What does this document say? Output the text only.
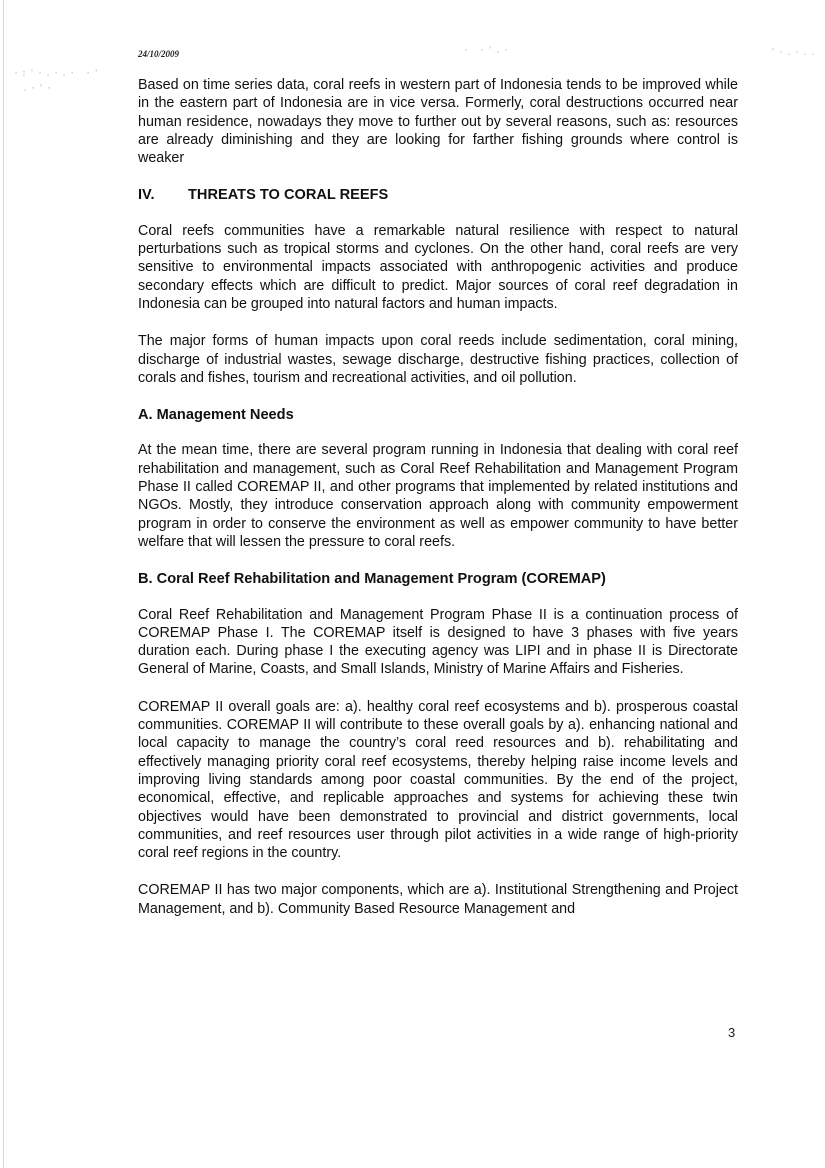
·:'·.·.· ·'
.·'·
· ·'.·	'·.·..
24/10/2009

Based on time series data, coral reefs in western part of Indonesia tends to be improved while in the eastern part of Indonesia are in vice versa. Formerly, coral destructions occurred near human residence, nowadays they move to further out by several reasons, such as: resources are already diminishing and they are looking for farther fishing grounds where control is weaker

IV. THREATS TO CORAL REEFS

Coral reefs communities have a remarkable natural resilience with respect to natural perturbations such as tropical storms and cyclones. On the other hand, coral reefs are very sensitive to environmental impacts associated with anthropogenic activities and produce secondary effects which are difficult to predict. Major sources of coral reef degradation in Indonesia can be grouped into natural factors and human impacts.

The major forms of human impacts upon coral reeds include sedimentation, coral mining, discharge of industrial wastes, sewage discharge, destructive fishing practices, collection of corals and fishes, tourism and recreational activities, and oil pollution.

A. Management Needs

At the mean time, there are several program running in Indonesia that dealing with coral reef rehabilitation and management, such as Coral Reef Rehabilitation and Management Program Phase II called COREMAP II, and other programs that implemented by related institutions and NGOs. Mostly, they introduce conservation approach along with community empowerment program in order to conserve the environment as well as empower community to have better welfare that will lessen the pressure to coral reefs.

B. Coral Reef Rehabilitation and Management Program (COREMAP)

Coral Reef Rehabilitation and Management Program Phase II is a continuation process of COREMAP Phase I. The COREMAP itself is designed to have 3 phases with five years duration each. During phase I the executing agency was LIPI and in phase II is Directorate General of Marine, Coasts, and Small Islands, Ministry of Marine Affairs and Fisheries.

COREMAP II overall goals are: a). healthy coral reef ecosystems and b). prosperous coastal communities. COREMAP II will contribute to these overall goals by a). enhancing national and local capacity to manage the country’s coral reed resources and b). rehabilitating and effectively managing priority coral reef ecosystems, thereby helping raise income levels and improving living standards among poor coastal communities. By the end of the project, economical, effective, and replicable approaches and systems for achieving these twin objectives would have been demonstrated to provincial and district governments, local communities, and reef resources user through pilot activities in a wide range of high-priority coral reef regions in the country.

COREMAP II has two major components, which are a). Institutional Strengthening and Project Management, and b). Community Based Resource Management and

3
